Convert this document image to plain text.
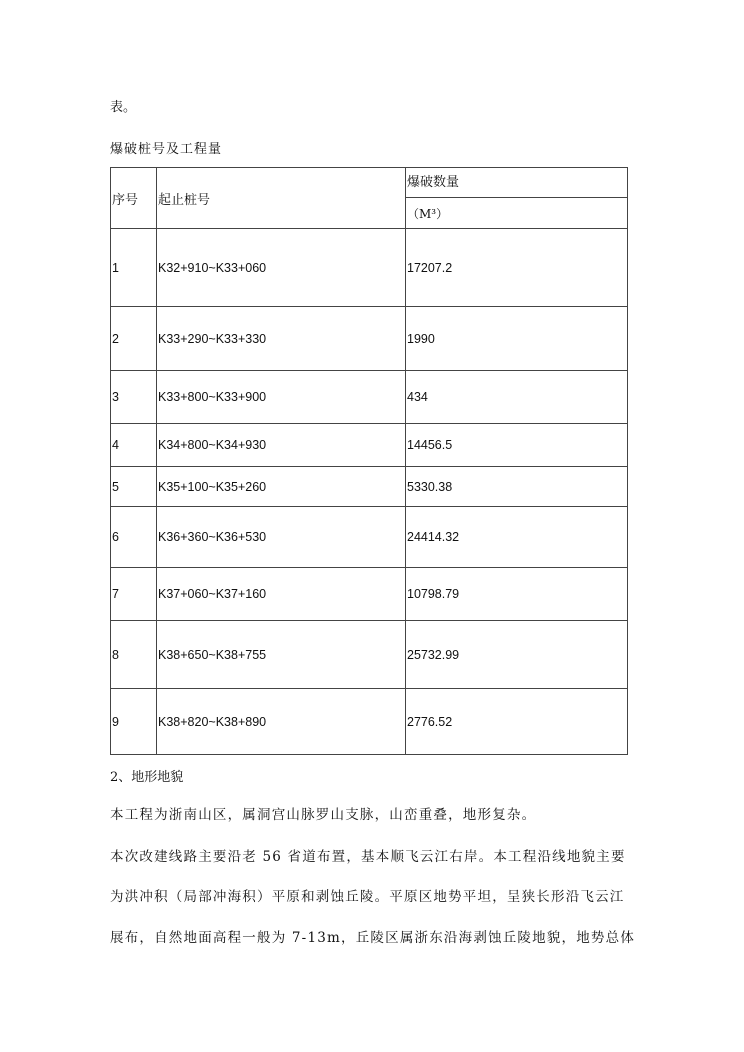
表。
爆破桩号及工程量
序号	起止桩号	爆破数量
		（M³）
1	K32+910~K33+060	17207.2
2	K33+290~K33+330	1990
3	K33+800~K33+900	434
4	K34+800~K34+930	14456.5
5	K35+100~K35+260	5330.38
6	K36+360~K36+530	24414.32
7	K37+060~K37+160	10798.79
8	K38+650~K38+755	25732.99
9	K38+820~K38+890	2776.52
2、地形地貌

本工程为浙南山区，属洞宫山脉罗山支脉，山峦重叠，地形复杂。

本次改建线路主要沿老 56 省道布置，基本顺飞云江右岸。本工程沿线地貌主要

为洪冲积（局部冲海积）平原和剥蚀丘陵。平原区地势平坦，呈狭长形沿飞云江

展布，自然地面高程一般为 7-13m，丘陵区属浙东沿海剥蚀丘陵地貌，地势总体
